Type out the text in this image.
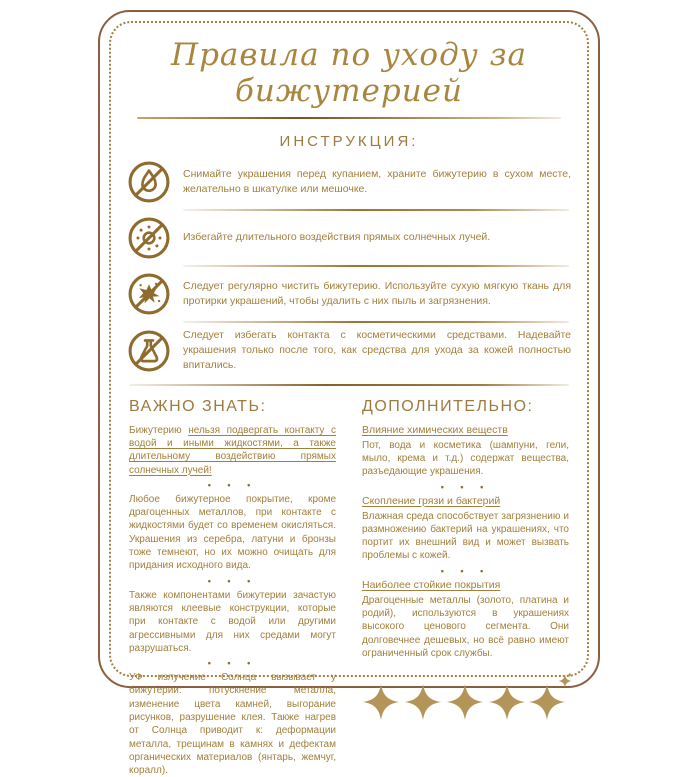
Правила по уходу за бижутерией
ИНСТРУКЦИЯ:

Снимайте украшения перед купанием, храните бижутерию в сухом месте, желательно в шкатулке или мешочке.

Избегайте длительного воздействия прямых солнечных лучей.

Следует регулярно чистить бижутерию. Используйте сухую мягкую ткань для протирки украшений, чтобы удалить с них пыль и загрязнения.

Следует избегать контакта с косметическими средствами. Надевайте украшения только после того, как средства для ухода за кожей полностью впитались.

ВАЖНО ЗНАТЬ:

Бижутерию нельзя подвергать контакту с водой и иными жидкостями, а также длительному воздействию прямых солнечных лучей!

• • •

Любое бижутерное покрытие, кроме драгоценных металлов, при контакте с жидкостями будет со временем окисляться. Украшения из серебра, латуни и бронзы тоже темнеют, но их можно очищать для придания исходного вида.

• • •

Также компонентами бижутерии зачастую являются клеевые конструкции, которые при контакте с водой или другими агрессивными для них средами могут разрушаться.

• • •

УФ излучение Солнца вызывает у бижутерии: потускнение металла, изменение цвета камней, выгорание рисунков, разрушение клея. Также нагрев от Солнца приводит к: деформации металла, трещинам в камнях и дефектам органических материалов (янтарь, жемчуг, коралл).

ДОПОЛНИТЕЛЬНО:

Влияние химических веществ

Пот, вода и косметика (шампуни, гели, мыло, крема и т.д.) содержат вещества, разъедающие украшения.

• • •

Скопление грязи и бактерий

Влажная среда способствует загрязнению и размножению бактерий на украшениях, что портит их внешний вид и может вызвать проблемы с кожей.

• • •

Наиболее стойкие покрытия

Драгоценные металлы (золото, платина и родий), используются в украшениях высокого ценового сегмента. Они долговечнее дешевых, но всё равно имеют ограниченный срок службы.
